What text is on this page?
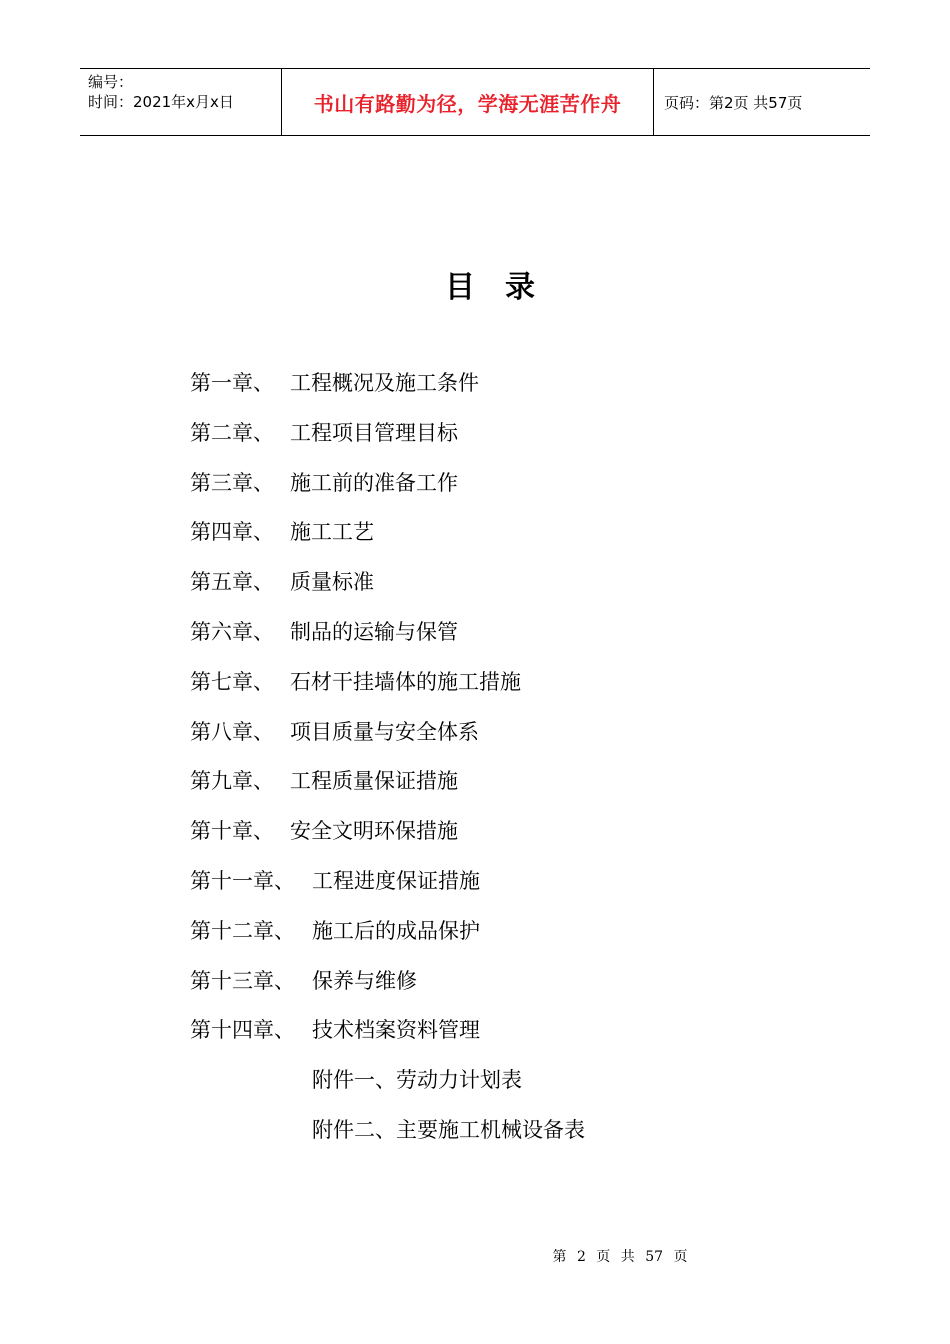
编号：
时间：2021年x月x日	书山有路勤为径，学海无涯苦作舟	页码：第2页 共57页
目录
第一章、 工程概况及施工条件
第二章、 工程项目管理目标
第三章、 施工前的准备工作
第四章、 施工工艺
第五章、 质量标准
第六章、 制品的运输与保管
第七章、 石材干挂墙体的施工措施
第八章、 项目质量与安全体系
第九章、 工程质量保证措施
第十章、 安全文明环保措施
第十一章、 工程进度保证措施
第十二章、 施工后的成品保护
第十三章、 保养与维修
第十四章、 技术档案资料管理
附件一、劳动力计划表
附件二、主要施工机械设备表
第 2 页 共 57 页
